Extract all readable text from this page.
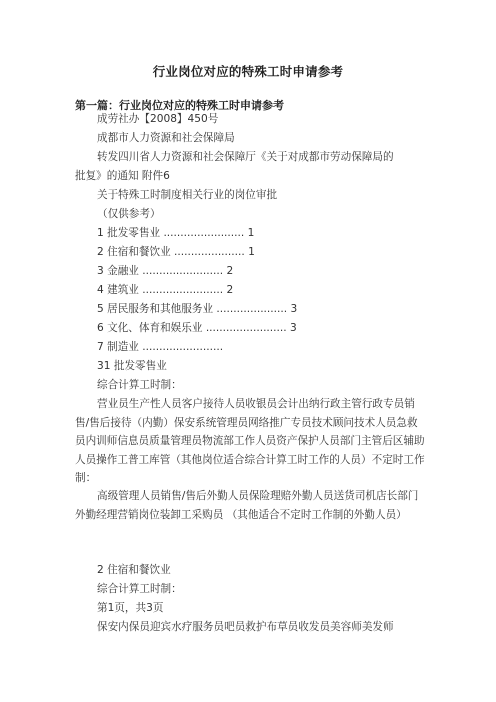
行业岗位对应的特殊工时申请参考
第一篇：行业岗位对应的特殊工时申请参考
成劳社办【2008】450号
成都市人力资源和社会保障局
转发四川省人力资源和社会保障厅《关于对成都市劳动保障局的
批复》的通知 附件6
关于特殊工时制度相关行业的岗位审批
（仅供参考）
1 批发零售业 ........................ 1
2 住宿和餐饮业 ..................... 1
3 金融业 ........................ 2
4 建筑业 ........................ 2
5 居民服务和其他服务业 ..................... 3
6 文化、体育和娱乐业 ........................ 3
7 制造业 ........................
31 批发零售业
综合计算工时制：
营业员生产性人员客户接待人员收银员会计出纳行政主管行政专员销售/售后接待（内勤）保安系统管理员网络推广专员技术顾问技术人员急救员内训师信息员质量管理员物流部工作人员资产保护人员部门主管后区辅助人员操作工普工库管（其他岗位适合综合计算工时工作的人员）不定时工作制：
高级管理人员销售/售后外勤人员保险理赔外勤人员送货司机店长部门外勤经理营销岗位装卸工采购员 （其他适合不定时工作制的外勤人员）
2 住宿和餐饮业
综合计算工时制：
第1页，共3页
保安内保员迎宾水疗服务员吧员救护布草员收发员美容师美发师
